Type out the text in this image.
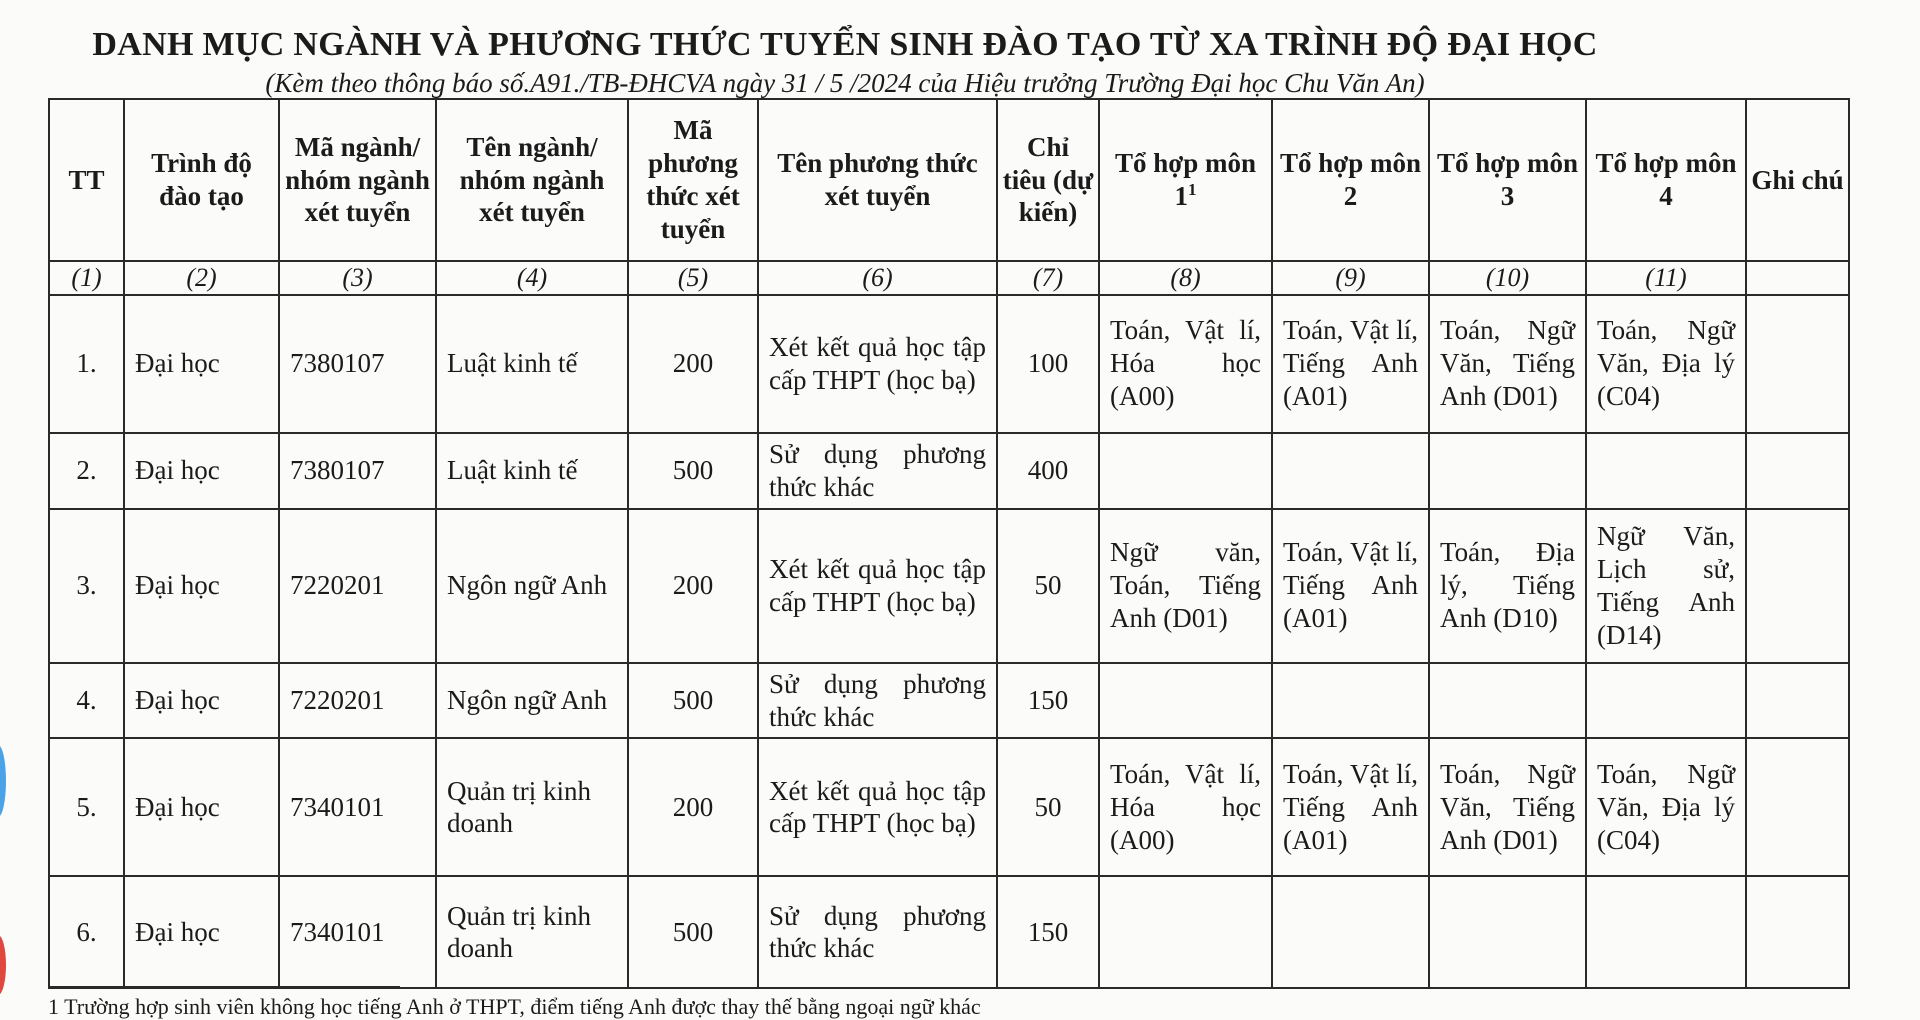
DANH MỤC NGÀNH VÀ PHƯƠNG THỨC TUYỂN SINH ĐÀO TẠO TỪ XA TRÌNH ĐỘ ĐẠI HỌC
(Kèm theo thông báo số.A91./TB-ĐHCVA ngày 31 / 5 /2024 của Hiệu trưởng Trường Đại học Chu Văn An)
TT	Trình độ đào tạo	Mã ngành/ nhóm ngành xét tuyển	Tên ngành/ nhóm ngành xét tuyển	Mã phương thức xét tuyển	Tên phương thức xét tuyển	Chỉ tiêu (dự kiến)	Tổ hợp môn $1^1$	Tổ hợp môn 2	Tổ hợp môn 3	Tổ hợp môn 4	Ghi chú
(1)	(2)	(3)	(4)	(5)	(6)	(7)	(8)	(9)	(10)	(11)	
1.	Đại học	7380107	Luật kinh tế	200	Xét kết quả học tập cấp THPT (học bạ)	100	Toán, Vật lí, Hóa học (A00)	Toán, Vật lí, Tiếng Anh (A01)	Toán, Ngữ Văn, Tiếng Anh (D01)	Toán, Ngữ Văn, Địa lý (C04)	
2.	Đại học	7380107	Luật kinh tế	500	Sử dụng phương thức khác	400					
3.	Đại học	7220201	Ngôn ngữ Anh	200	Xét kết quả học tập cấp THPT (học bạ)	50	Ngữ văn, Toán, Tiếng Anh (D01)	Toán, Vật lí, Tiếng Anh (A01)	Toán, Địa lý, Tiếng Anh (D10)	Ngữ Văn, Lịch sử, Tiếng Anh (D14)	
4.	Đại học	7220201	Ngôn ngữ Anh	500	Sử dụng phương thức khác	150					
5.	Đại học	7340101	Quản trị kinh doanh	200	Xét kết quả học tập cấp THPT (học bạ)	50	Toán, Vật lí, Hóa học (A00)	Toán, Vật lí, Tiếng Anh (A01)	Toán, Ngữ Văn, Tiếng Anh (D01)	Toán, Ngữ Văn, Địa lý (C04)	
6.	Đại học	7340101	Quản trị kinh doanh	500	Sử dụng phương thức khác	150					
1 Trường hợp sinh viên không học tiếng Anh ở THPT, điểm tiếng Anh được thay thế bằng ngoại ngữ khác
